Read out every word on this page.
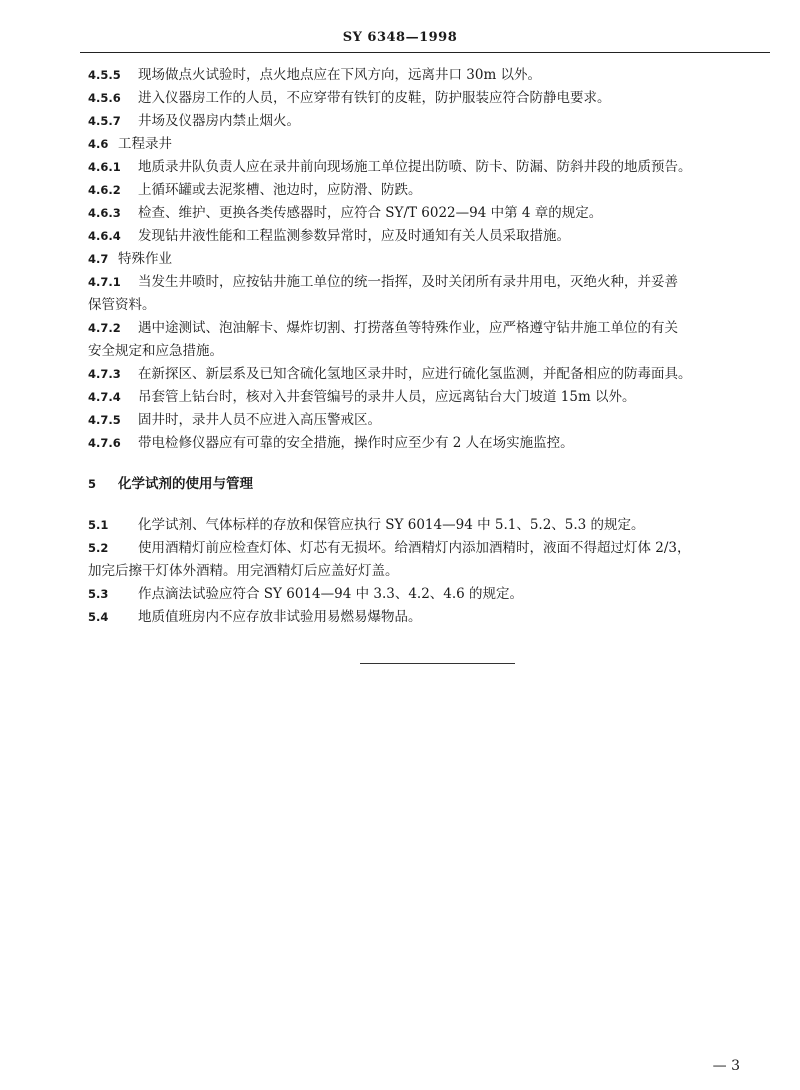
SY 6348—1998
4.5.5 现场做点火试验时，点火地点应在下风方向，远离井口 30m 以外。
4.5.6 进入仪器房工作的人员，不应穿带有铁钉的皮鞋，防护服装应符合防静电要求。
4.5.7 井场及仪器房内禁止烟火。
4.6 工程录井
4.6.1 地质录井队负责人应在录井前向现场施工单位提出防喷、防卡、防漏、防斜井段的地质预告。
4.6.2 上循环罐或去泥浆槽、池边时，应防滑、防跌。
4.6.3 检查、维护、更换各类传感器时，应符合 SY/T 6022—94 中第 4 章的规定。
4.6.4 发现钻井液性能和工程监测参数异常时，应及时通知有关人员采取措施。
4.7 特殊作业
4.7.1 当发生井喷时，应按钻井施工单位的统一指挥，及时关闭所有录井用电，灭绝火种，并妥善
保管资料。
4.7.2 遇中途测试、泡油解卡、爆炸切割、打捞落鱼等特殊作业，应严格遵守钻井施工单位的有关
安全规定和应急措施。
4.7.3 在新探区、新层系及已知含硫化氢地区录井时，应进行硫化氢监测，并配备相应的防毒面具。
4.7.4 吊套管上钻台时，核对入井套管编号的录井人员，应远离钻台大门坡道 15m 以外。
4.7.5 固井时，录井人员不应进入高压警戒区。
4.7.6 带电检修仪器应有可靠的安全措施，操作时应至少有 2 人在场实施监控。
5 化学试剂的使用与管理
5.1 化学试剂、气体标样的存放和保管应执行 SY 6014—94 中 5.1、5.2、5.3 的规定。
5.2 使用酒精灯前应检查灯体、灯芯有无损坏。给酒精灯内添加酒精时，液面不得超过灯体 2/3，
加完后擦干灯体外酒精。用完酒精灯后应盖好灯盖。
5.3 作点滴法试验应符合 SY 6014—94 中 3.3、4.2、4.6 的规定。
5.4 地质值班房内不应存放非试验用易燃易爆物品。
— 3
